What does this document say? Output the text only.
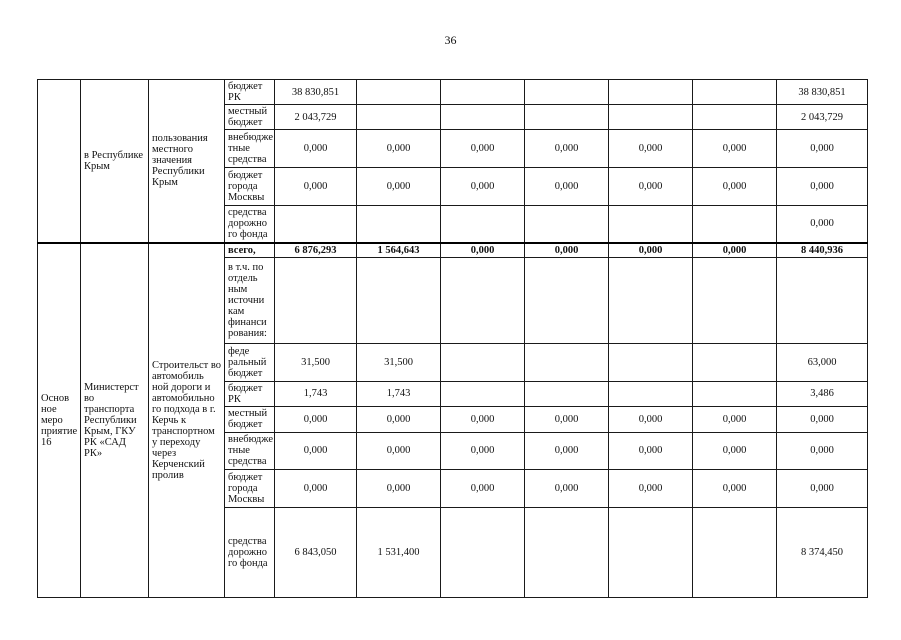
36
	в Республике Крым	пользования местного значения Республики Крым	бюджет РК	38 830,851						38 830,851
			местный бюджет	2 043,729						2 043,729
			внебюдже тные средства	0,000	0,000	0,000	0,000	0,000	0,000	0,000
			бюджет города Москвы	0,000	0,000	0,000	0,000	0,000	0,000	0,000
			средства дорожно го фонда							0,000
Основ ное меро приятие 16	Министерст во транспорта Республики Крым, ГКУ РК «САД РК»	Строительст во автомобиль ной дороги и автомобильно го подхода в г. Керчь к транспортном у переходу через Керченский пролив	всего,	6 876,293	1 564,643	0,000	0,000	0,000	0,000	8 440,936
			в т.ч. по отдель ным источни кам финанси рования:							
			феде ральный бюджет	31,500	31,500					63,000
			бюджет РК	1,743	1,743					3,486
			местный бюджет	0,000	0,000	0,000	0,000	0,000	0,000	0,000
			внебюдже тные средства	0,000	0,000	0,000	0,000	0,000	0,000	0,000
			бюджет города Москвы	0,000	0,000	0,000	0,000	0,000	0,000	0,000
			средства дорожно го фонда	6 843,050	1 531,400					8 374,450
